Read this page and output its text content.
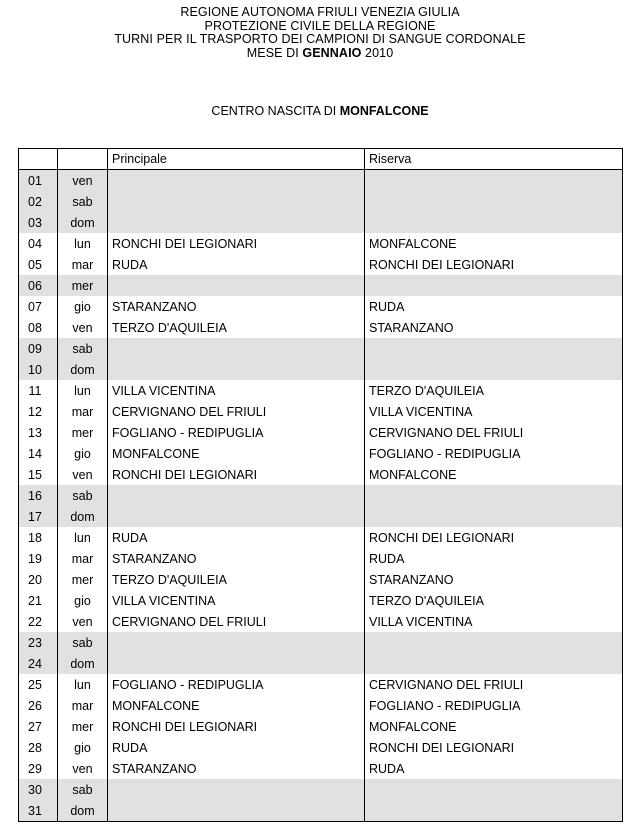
REGIONE AUTONOMA FRIULI VENEZIA GIULIA
PROTEZIONE CIVILE DELLA REGIONE
TURNI PER IL TRASPORTO DEI CAMPIONI DI SANGUE CORDONALE
MESE DI GENNAIO 2010
CENTRO NASCITA DI MONFALCONE
		Principale	Riserva
01	ven		
02	sab		
03	dom		
04	lun	RONCHI DEI LEGIONARI	MONFALCONE
05	mar	RUDA	RONCHI DEI LEGIONARI
06	mer		
07	gio	STARANZANO	RUDA
08	ven	TERZO D'AQUILEIA	STARANZANO
09	sab		
10	dom		
11	lun	VILLA VICENTINA	TERZO D'AQUILEIA
12	mar	CERVIGNANO DEL FRIULI	VILLA VICENTINA
13	mer	FOGLIANO - REDIPUGLIA	CERVIGNANO DEL FRIULI
14	gio	MONFALCONE	FOGLIANO - REDIPUGLIA
15	ven	RONCHI DEI LEGIONARI	MONFALCONE
16	sab		
17	dom		
18	lun	RUDA	RONCHI DEI LEGIONARI
19	mar	STARANZANO	RUDA
20	mer	TERZO D'AQUILEIA	STARANZANO
21	gio	VILLA VICENTINA	TERZO D'AQUILEIA
22	ven	CERVIGNANO DEL FRIULI	VILLA VICENTINA
23	sab		
24	dom		
25	lun	FOGLIANO - REDIPUGLIA	CERVIGNANO DEL FRIULI
26	mar	MONFALCONE	FOGLIANO - REDIPUGLIA
27	mer	RONCHI DEI LEGIONARI	MONFALCONE
28	gio	RUDA	RONCHI DEI LEGIONARI
29	ven	STARANZANO	RUDA
30	sab		
31	dom		
